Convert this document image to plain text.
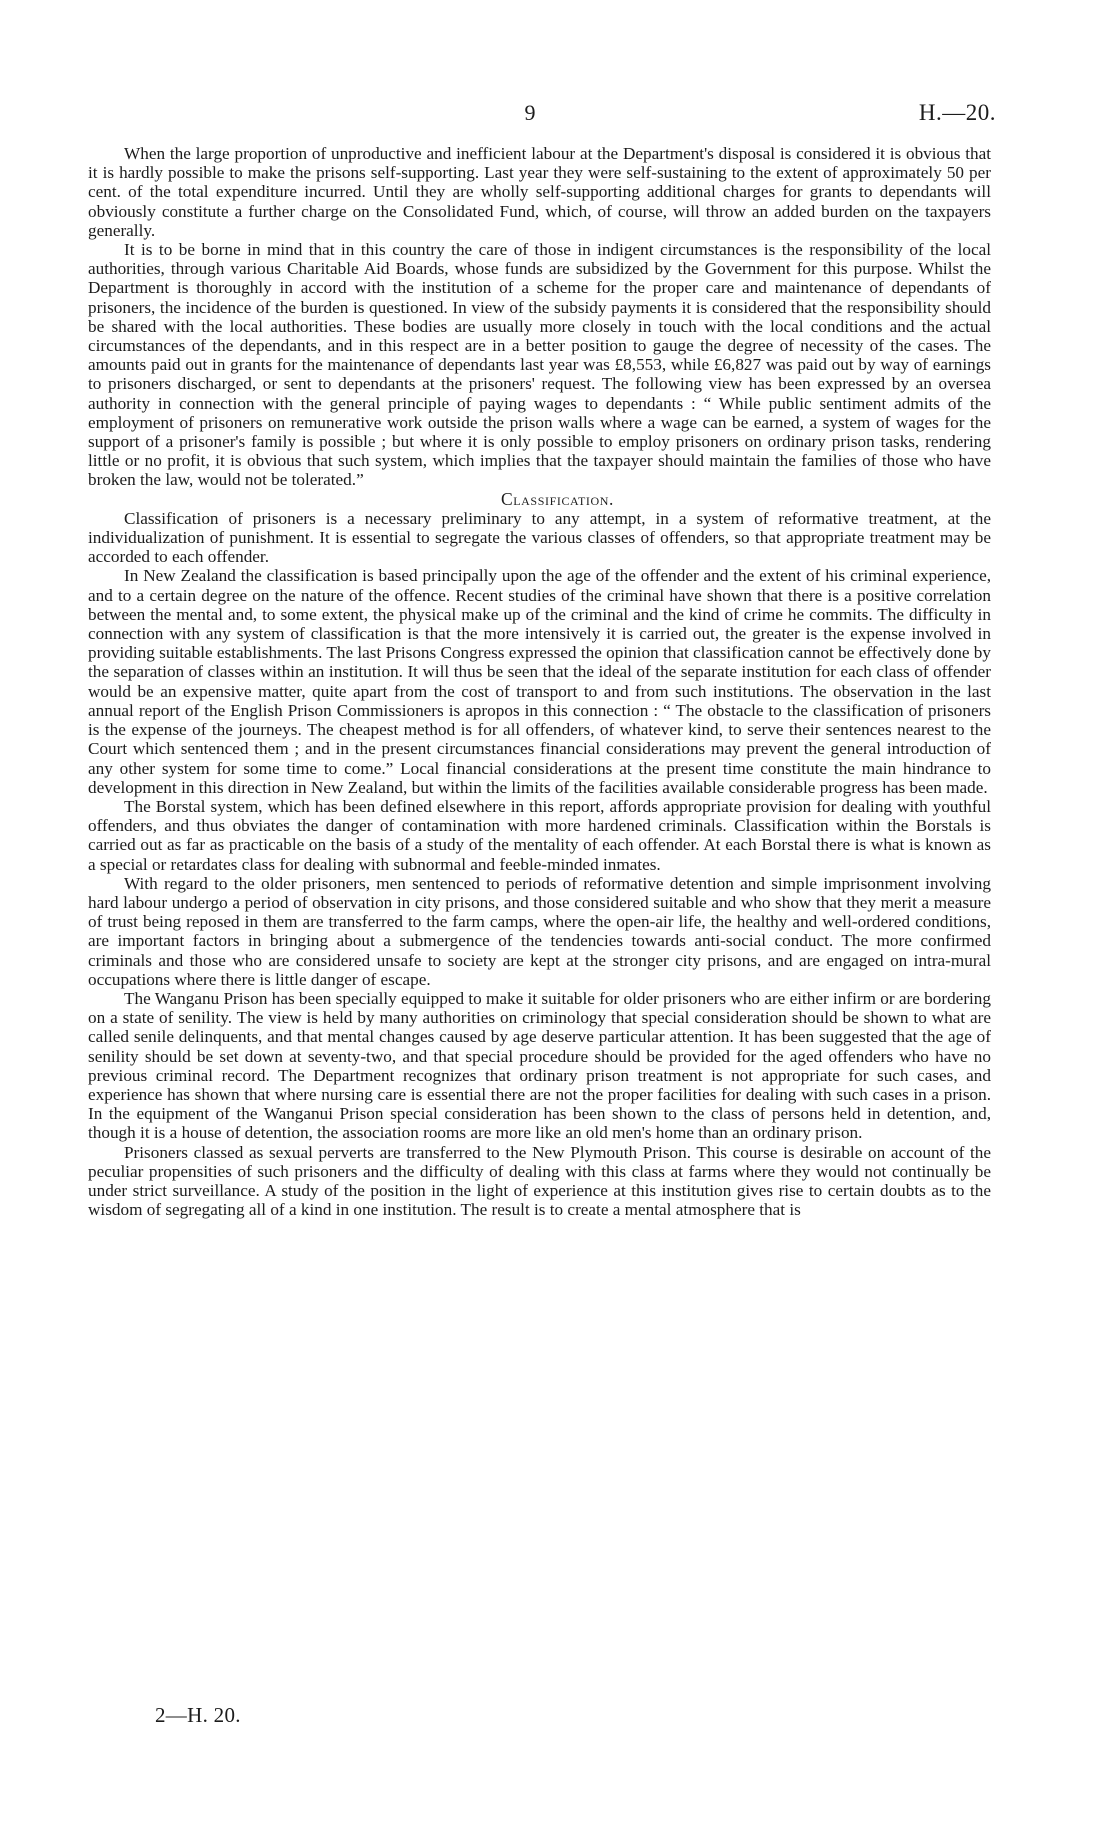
9	H.—20.

When the large proportion of unproductive and inefficient labour at the Department's disposal is considered it is obvious that it is hardly possible to make the prisons self-supporting. Last year they were self-sustaining to the extent of approximately 50 per cent. of the total expenditure incurred. Until they are wholly self-supporting additional charges for grants to dependants will obviously constitute a further charge on the Consolidated Fund, which, of course, will throw an added burden on the taxpayers generally.

It is to be borne in mind that in this country the care of those in indigent circumstances is the responsibility of the local authorities, through various Charitable Aid Boards, whose funds are subsidized by the Government for this purpose. Whilst the Department is thoroughly in accord with the institution of a scheme for the proper care and maintenance of dependants of prisoners, the incidence of the burden is questioned. In view of the subsidy payments it is considered that the responsibility should be shared with the local authorities. These bodies are usually more closely in touch with the local conditions and the actual circumstances of the dependants, and in this respect are in a better position to gauge the degree of necessity of the cases. The amounts paid out in grants for the maintenance of dependants last year was £8,553, while £6,827 was paid out by way of earnings to prisoners discharged, or sent to dependants at the prisoners' request. The following view has been expressed by an oversea authority in connection with the general principle of paying wages to dependants : “ While public sentiment admits of the employment of prisoners on remunerative work outside the prison walls where a wage can be earned, a system of wages for the support of a prisoner's family is possible ; but where it is only possible to employ prisoners on ordinary prison tasks, rendering little or no profit, it is obvious that such system, which implies that the taxpayer should maintain the families of those who have broken the law, would not be tolerated.”

Classification.

Classification of prisoners is a necessary preliminary to any attempt, in a system of reformative treatment, at the individualization of punishment. It is essential to segregate the various classes of offenders, so that appropriate treatment may be accorded to each offender.

In New Zealand the classification is based principally upon the age of the offender and the extent of his criminal experience, and to a certain degree on the nature of the offence. Recent studies of the criminal have shown that there is a positive correlation between the mental and, to some extent, the physical make up of the criminal and the kind of crime he commits. The difficulty in connection with any system of classification is that the more intensively it is carried out, the greater is the expense involved in providing suitable establishments. The last Prisons Congress expressed the opinion that classification cannot be effectively done by the separation of classes within an institution. It will thus be seen that the ideal of the separate institution for each class of offender would be an expensive matter, quite apart from the cost of transport to and from such institutions. The observation in the last annual report of the English Prison Commissioners is apropos in this connection : “ The obstacle to the classification of prisoners is the expense of the journeys. The cheapest method is for all offenders, of whatever kind, to serve their sentences nearest to the Court which sentenced them ; and in the present circumstances financial considerations may prevent the general introduction of any other system for some time to come.” Local financial considerations at the present time constitute the main hindrance to development in this direction in New Zealand, but within the limits of the facilities available considerable progress has been made.

The Borstal system, which has been defined elsewhere in this report, affords appropriate provision for dealing with youthful offenders, and thus obviates the danger of contamination with more hardened criminals. Classification within the Borstals is carried out as far as practicable on the basis of a study of the mentality of each offender. At each Borstal there is what is known as a special or retardates class for dealing with subnormal and feeble-minded inmates.

With regard to the older prisoners, men sentenced to periods of reformative detention and simple imprisonment involving hard labour undergo a period of observation in city prisons, and those considered suitable and who show that they merit a measure of trust being reposed in them are transferred to the farm camps, where the open-air life, the healthy and well-ordered conditions, are important factors in bringing about a submergence of the tendencies towards anti-social conduct. The more confirmed criminals and those who are considered unsafe to society are kept at the stronger city prisons, and are engaged on intra-mural occupations where there is little danger of escape.

The Wanganu Prison has been specially equipped to make it suitable for older prisoners who are either infirm or are bordering on a state of senility. The view is held by many authorities on criminology that special consideration should be shown to what are called senile delinquents, and that mental changes caused by age deserve particular attention. It has been suggested that the age of senility should be set down at seventy-two, and that special procedure should be provided for the aged offenders who have no previous criminal record. The Department recognizes that ordinary prison treatment is not appropriate for such cases, and experience has shown that where nursing care is essential there are not the proper facilities for dealing with such cases in a prison. In the equipment of the Wanganui Prison special consideration has been shown to the class of persons held in detention, and, though it is a house of detention, the association rooms are more like an old men's home than an ordinary prison.

Prisoners classed as sexual perverts are transferred to the New Plymouth Prison. This course is desirable on account of the peculiar propensities of such prisoners and the difficulty of dealing with this class at farms where they would not continually be under strict surveillance. A study of the position in the light of experience at this institution gives rise to certain doubts as to the wisdom of segregating all of a kind in one institution. The result is to create a mental atmosphere that is

2—H. 20.
